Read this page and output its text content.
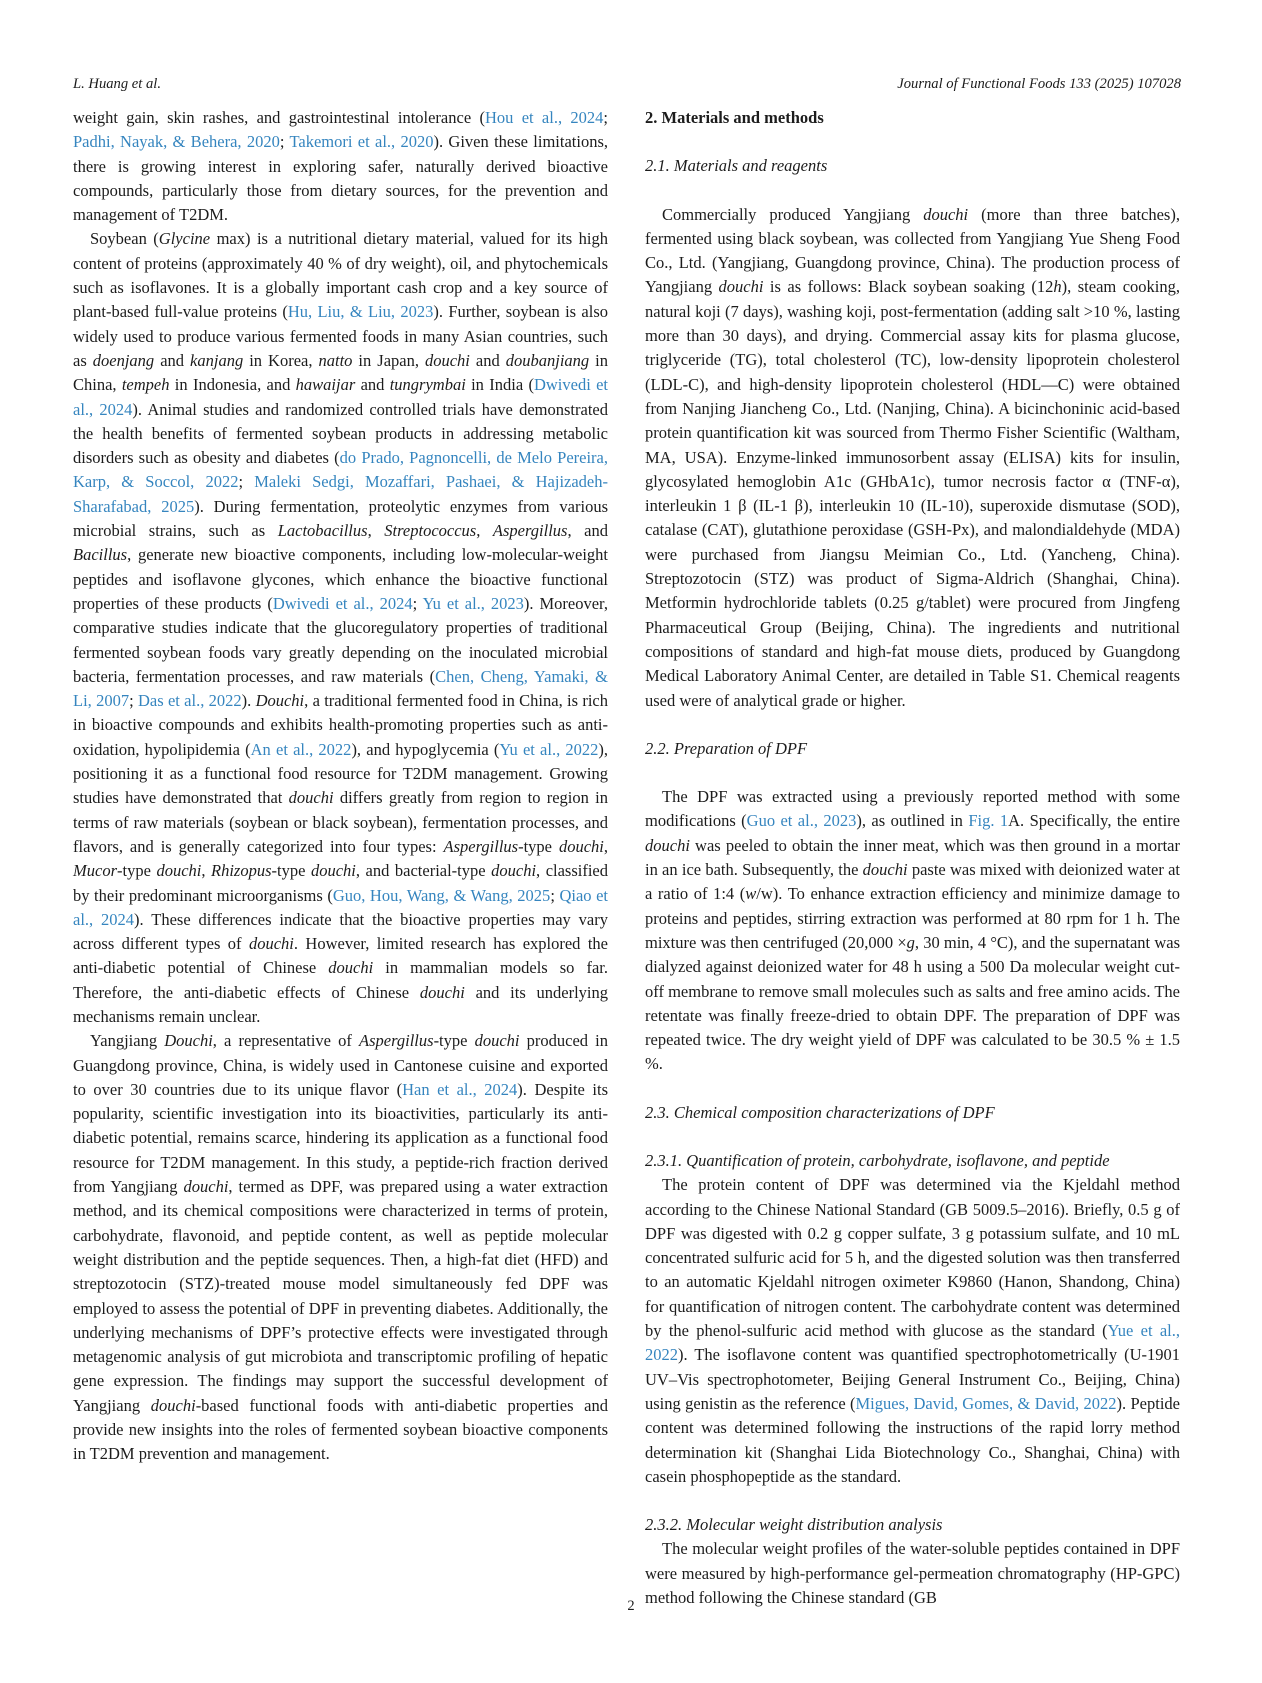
L. Huang et al.	Journal of Functional Foods 133 (2025) 107028

weight gain, skin rashes, and gastrointestinal intolerance (Hou et al., 2024; Padhi, Nayak, & Behera, 2020; Takemori et al., 2020). Given these limitations, there is growing interest in exploring safer, naturally derived bioactive compounds, particularly those from dietary sources, for the prevention and management of T2DM.

Soybean (Glycine max) is a nutritional dietary material, valued for its high content of proteins (approximately 40 % of dry weight), oil, and phytochemicals such as isoflavones. It is a globally important cash crop and a key source of plant-based full-value proteins (Hu, Liu, & Liu, 2023). Further, soybean is also widely used to produce various fermented foods in many Asian countries, such as doenjang and kanjang in Korea, natto in Japan, douchi and doubanjiang in China, tempeh in Indonesia, and hawaijar and tungrymbai in India (Dwivedi et al., 2024). Animal studies and randomized controlled trials have demonstrated the health benefits of fermented soybean products in addressing metabolic disorders such as obesity and diabetes (do Prado, Pagnoncelli, de Melo Pereira, Karp, & Soccol, 2022; Maleki Sedgi, Mozaffari, Pashaei, & Hajizadeh-Sharafabad, 2025). During fermentation, proteolytic enzymes from various microbial strains, such as Lactobacillus, Streptococcus, Aspergillus, and Bacillus, generate new bioactive components, including low-molecular-weight peptides and isoflavone glycones, which enhance the bioactive functional properties of these products (Dwivedi et al., 2024; Yu et al., 2023). Moreover, comparative studies indicate that the glucoregulatory properties of traditional fermented soybean foods vary greatly depending on the inoculated microbial bacteria, fermentation processes, and raw materials (Chen, Cheng, Yamaki, & Li, 2007; Das et al., 2022). Douchi, a traditional fermented food in China, is rich in bioactive compounds and exhibits health-promoting properties such as anti-oxidation, hypolipidemia (An et al., 2022), and hypoglycemia (Yu et al., 2022), positioning it as a functional food resource for T2DM management. Growing studies have demonstrated that douchi differs greatly from region to region in terms of raw materials (soybean or black soybean), fermentation processes, and flavors, and is generally categorized into four types: Aspergillus-type douchi, Mucor-type douchi, Rhizopus-type douchi, and bacterial-type douchi, classified by their predominant microorganisms (Guo, Hou, Wang, & Wang, 2025; Qiao et al., 2024). These differences indicate that the bioactive properties may vary across different types of douchi. However, limited research has explored the anti-diabetic potential of Chinese douchi in mammalian models so far. Therefore, the anti-diabetic effects of Chinese douchi and its underlying mechanisms remain unclear.

Yangjiang Douchi, a representative of Aspergillus-type douchi produced in Guangdong province, China, is widely used in Cantonese cuisine and exported to over 30 countries due to its unique flavor (Han et al., 2024). Despite its popularity, scientific investigation into its bioactivities, particularly its anti-diabetic potential, remains scarce, hindering its application as a functional food resource for T2DM management. In this study, a peptide-rich fraction derived from Yangjiang douchi, termed as DPF, was prepared using a water extraction method, and its chemical compositions were characterized in terms of protein, carbohydrate, flavonoid, and peptide content, as well as peptide molecular weight distribution and the peptide sequences. Then, a high-fat diet (HFD) and streptozotocin (STZ)-treated mouse model simultaneously fed DPF was employed to assess the potential of DPF in preventing diabetes. Additionally, the underlying mechanisms of DPF’s protective effects were investigated through metagenomic analysis of gut microbiota and transcriptomic profiling of hepatic gene expression. The findings may support the successful development of Yangjiang douchi-based functional foods with anti-diabetic properties and provide new insights into the roles of fermented soybean bioactive components in T2DM prevention and management.

2. Materials and methods
2.1. Materials and reagents

Commercially produced Yangjiang douchi (more than three batches), fermented using black soybean, was collected from Yangjiang Yue Sheng Food Co., Ltd. (Yangjiang, Guangdong province, China). The production process of Yangjiang douchi is as follows: Black soybean soaking (12h), steam cooking, natural koji (7 days), washing koji, post-fermentation (adding salt >10 %, lasting more than 30 days), and drying. Commercial assay kits for plasma glucose, triglyceride (TG), total cholesterol (TC), low-density lipoprotein cholesterol (LDL-C), and high-density lipoprotein cholesterol (HDL—C) were obtained from Nanjing Jiancheng Co., Ltd. (Nanjing, China). A bicinchoninic acid-based protein quantification kit was sourced from Thermo Fisher Scientific (Waltham, MA, USA). Enzyme-linked immunosorbent assay (ELISA) kits for insulin, glycosylated hemoglobin A1c (GHbA1c), tumor necrosis factor α (TNF-α), interleukin 1 β (IL-1 β), interleukin 10 (IL-10), superoxide dismutase (SOD), catalase (CAT), glutathione peroxidase (GSH-Px), and malondialdehyde (MDA) were purchased from Jiangsu Meimian Co., Ltd. (Yancheng, China). Streptozotocin (STZ) was product of Sigma-Aldrich (Shanghai, China). Metformin hydrochloride tablets (0.25 g/tablet) were procured from Jingfeng Pharmaceutical Group (Beijing, China). The ingredients and nutritional compositions of standard and high-fat mouse diets, produced by Guangdong Medical Laboratory Animal Center, are detailed in Table S1. Chemical reagents used were of analytical grade or higher.

2.2. Preparation of DPF

The DPF was extracted using a previously reported method with some modifications (Guo et al., 2023), as outlined in Fig. 1A. Specifically, the entire douchi was peeled to obtain the inner meat, which was then ground in a mortar in an ice bath. Subsequently, the douchi paste was mixed with deionized water at a ratio of 1:4 (w/w). To enhance extraction efficiency and minimize damage to proteins and peptides, stirring extraction was performed at 80 rpm for 1 h. The mixture was then centrifuged (20,000 ×g, 30 min, 4 °C), and the supernatant was dialyzed against deionized water for 48 h using a 500 Da molecular weight cut-off membrane to remove small molecules such as salts and free amino acids. The retentate was finally freeze-dried to obtain DPF. The preparation of DPF was repeated twice. The dry weight yield of DPF was calculated to be 30.5 % ± 1.5 %.

2.3. Chemical composition characterizations of DPF
2.3.1. Quantification of protein, carbohydrate, isoflavone, and peptide

The protein content of DPF was determined via the Kjeldahl method according to the Chinese National Standard (GB 5009.5–2016). Briefly, 0.5 g of DPF was digested with 0.2 g copper sulfate, 3 g potassium sulfate, and 10 mL concentrated sulfuric acid for 5 h, and the digested solution was then transferred to an automatic Kjeldahl nitrogen oximeter K9860 (Hanon, Shandong, China) for quantification of nitrogen content. The carbohydrate content was determined by the phenol-sulfuric acid method with glucose as the standard (Yue et al., 2022). The isoflavone content was quantified spectrophotometrically (U-1901 UV–Vis spectrophotometer, Beijing General Instrument Co., Beijing, China) using genistin as the reference (Migues, David, Gomes, & David, 2022). Peptide content was determined following the instructions of the rapid lorry method determination kit (Shanghai Lida Biotechnology Co., Shanghai, China) with casein phosphopeptide as the standard.

2.3.2. Molecular weight distribution analysis

The molecular weight profiles of the water-soluble peptides contained in DPF were measured by high-performance gel-permeation chromatography (HP-GPC) method following the Chinese standard (GB

2
